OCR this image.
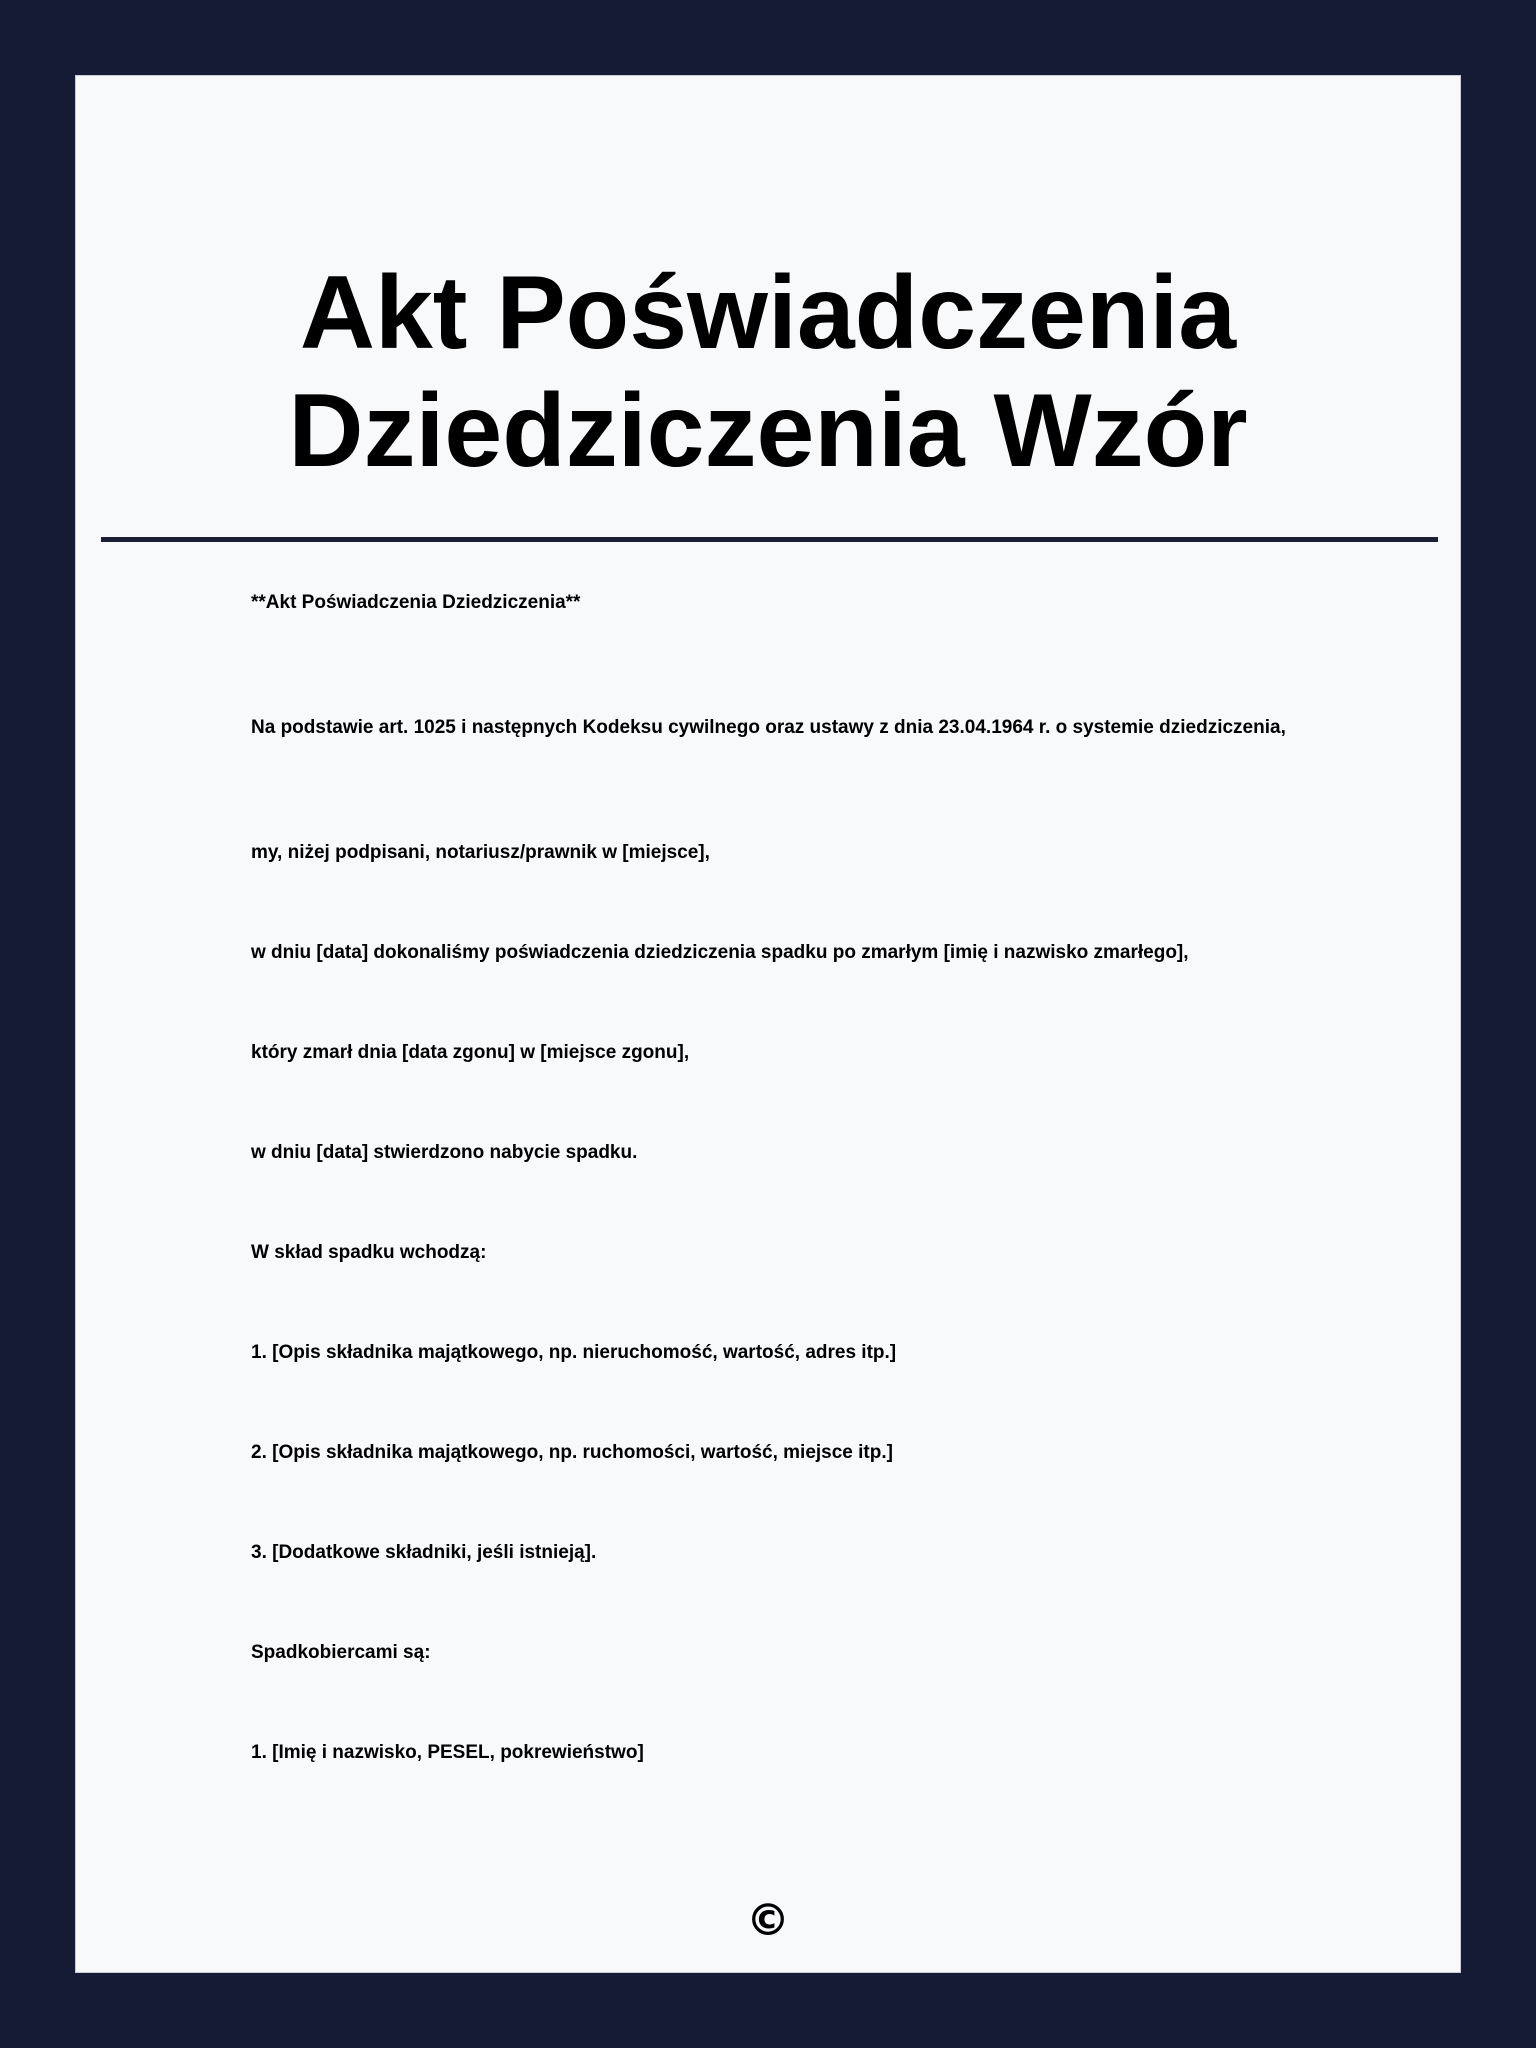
Akt Poświadczenia
Dziedziczenia Wzór

**Akt Poświadczenia Dziedziczenia**

Na podstawie art. 1025 i następnych Kodeksu cywilnego oraz ustawy z dnia 23.04.1964 r. o systemie dziedziczenia,

my, niżej podpisani, notariusz/prawnik w [miejsce],

w dniu [data] dokonaliśmy poświadczenia dziedziczenia spadku po zmarłym [imię i nazwisko zmarłego],

który zmarł dnia [data zgonu] w [miejsce zgonu],

w dniu [data] stwierdzono nabycie spadku.

W skład spadku wchodzą:

1. [Opis składnika majątkowego, np. nieruchomość, wartość, adres itp.]

2. [Opis składnika majątkowego, np. ruchomości, wartość, miejsce itp.]

3. [Dodatkowe składniki, jeśli istnieją].

Spadkobiercami są:

1. [Imię i nazwisko, PESEL, pokrewieństwo]

©
